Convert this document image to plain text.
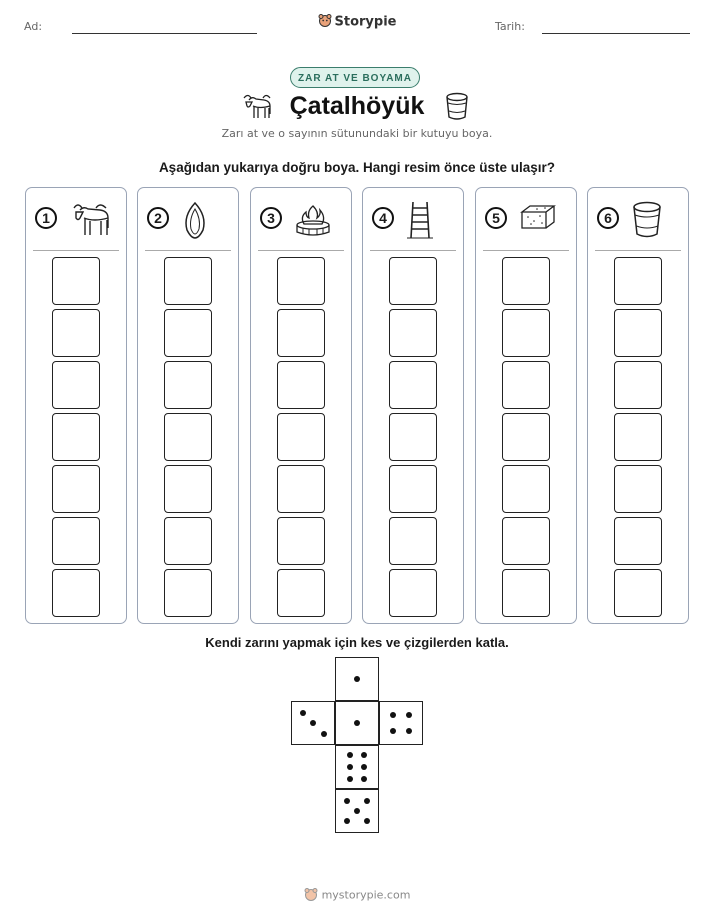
Ad:	Storypie	Tarih:
ZAR AT VE BOYAMA
Çatalhöyük
Zarı at ve o sayının sütunundaki bir kutuyu boya.
Aşağıdan yukarıya doğru boya. Hangi resim önce üste ulaşır?
1	2	3	4	5	6
Kendi zarını yapmak için kes ve çizgilerden katla.
mystorypie.com
